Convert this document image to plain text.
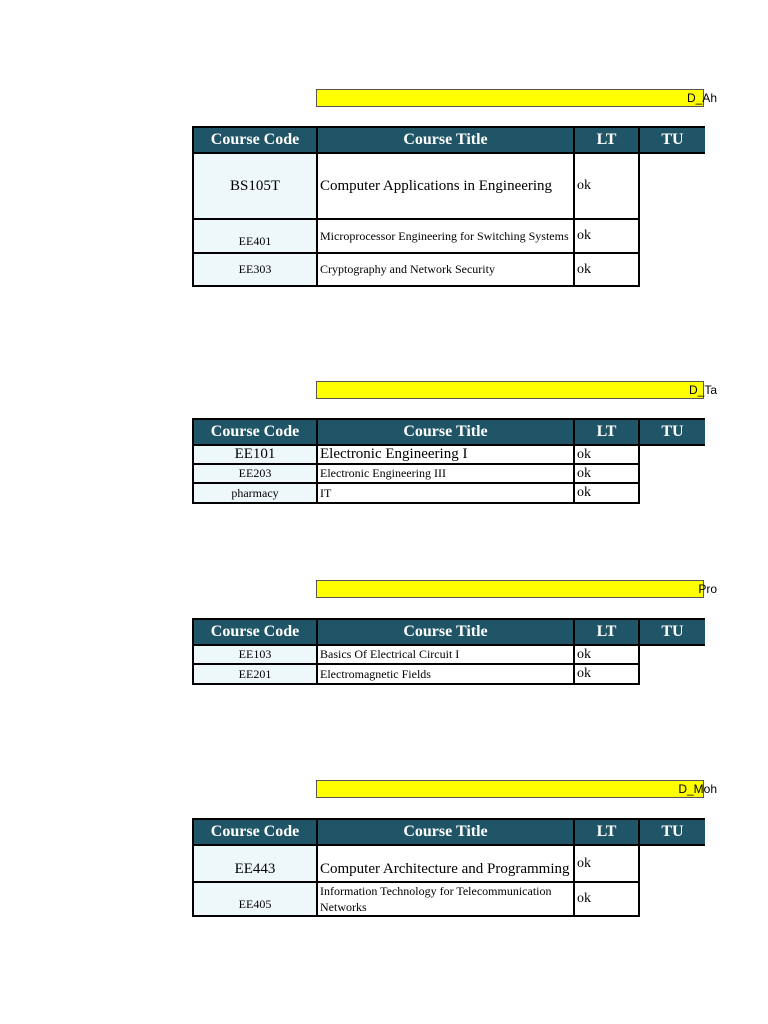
D_Ah
Course Code	Course Title	LT	TU
BS105T	Computer Applications in Engineering	ok	
EE401	Microprocessor Engineering for Switching Systems	ok	
EE303	Cryptography and Network Security	ok	
D_Ta
Course Code	Course Title	LT	TU
EE101	Electronic Engineering I	ok	
EE203	Electronic Engineering III	ok	
pharmacy	IT	ok	
Pro
Course Code	Course Title	LT	TU
EE103	Basics Of Electrical Circuit I	ok	
EE201	Electromagnetic Fields	ok	
D_Moh
Course Code	Course Title	LT	TU
EE443	Computer Architecture and Programming	ok	
EE405	Information Technology for Telecommunication Networks	ok	
